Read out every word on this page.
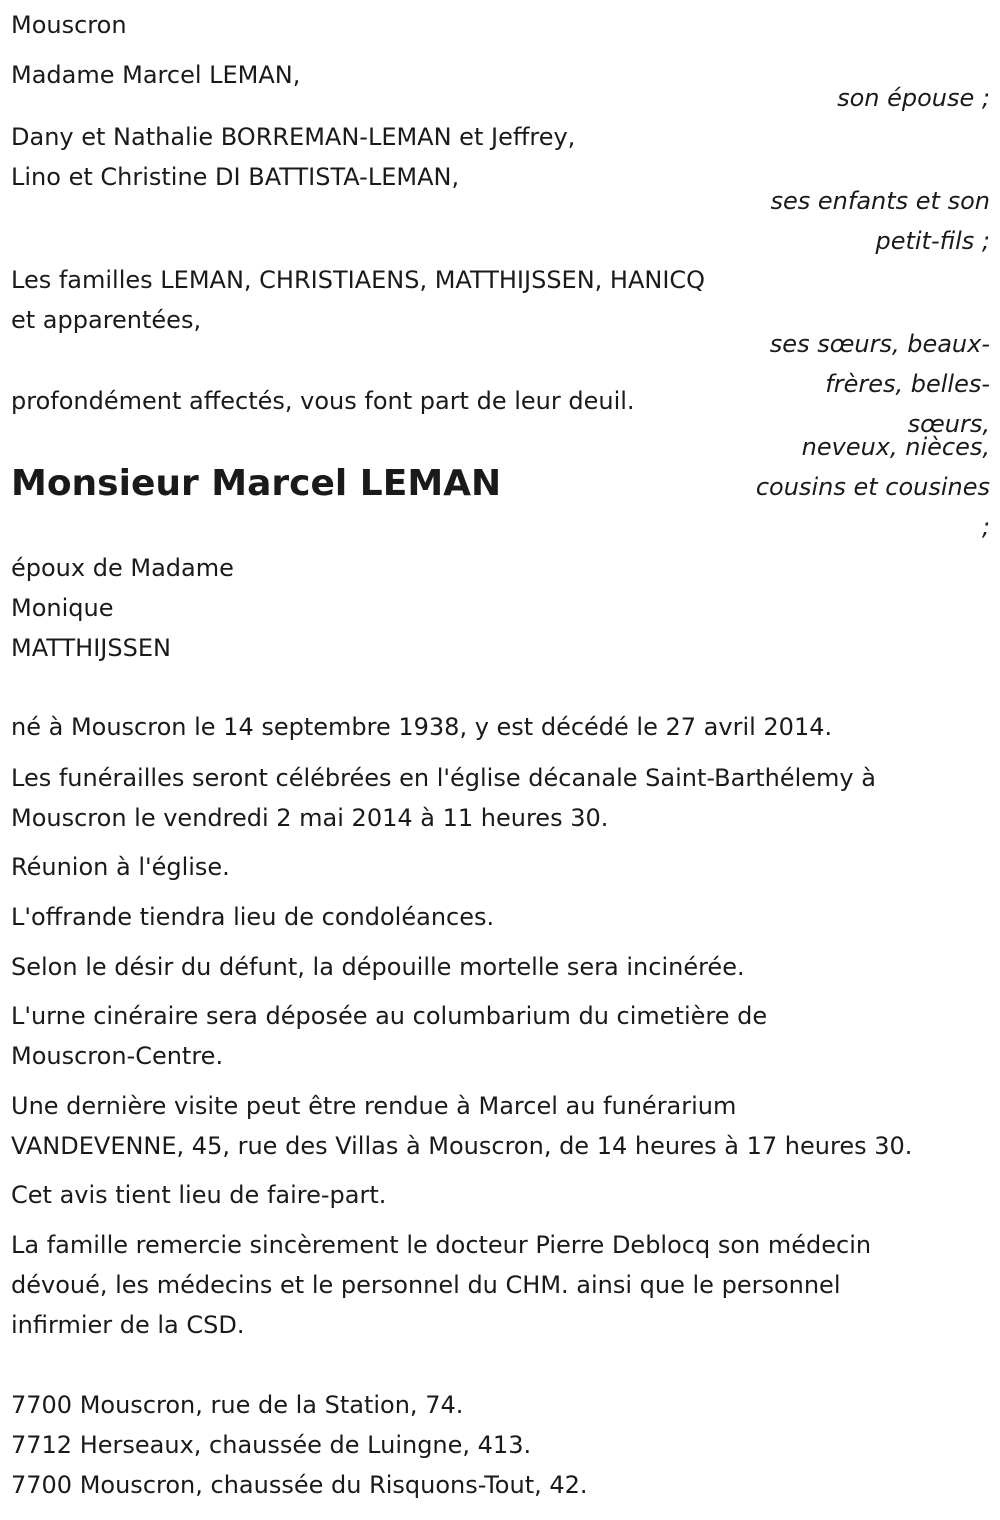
Mouscron

Madame Marcel LEMAN,

son épouse ;

Dany et Nathalie BORREMAN-LEMAN et Jeffrey,

Lino et Christine DI BATTISTA-LEMAN,

ses enfants et son

petit-fils ;

Les familles LEMAN, CHRISTIAENS, MATTHIJSSEN, HANICQ

et apparentées,

ses sœurs, beaux-

frères, belles-

sœurs,

neveux, nièces,

cousins et cousines

;

profondément affectés, vous font part de leur deuil.

Monsieur Marcel LEMAN

époux de Madame

Monique

MATTHIJSSEN

né à Mouscron le 14 septembre 1938, y est décédé le 27 avril 2014.

Les funérailles seront célébrées en l'église décanale Saint-Barthélemy à

Mouscron le vendredi 2 mai 2014 à 11 heures 30.

Réunion à l'église.

L'offrande tiendra lieu de condoléances.

Selon le désir du défunt, la dépouille mortelle sera incinérée.

L'urne cinéraire sera déposée au columbarium du cimetière de

Mouscron-Centre.

Une dernière visite peut être rendue à Marcel au funérarium

VANDEVENNE, 45, rue des Villas à Mouscron, de 14 heures à 17 heures 30.

Cet avis tient lieu de faire-part.

La famille remercie sincèrement le docteur Pierre Deblocq son médecin

dévoué, les médecins et le personnel du CHM. ainsi que le personnel

infirmier de la CSD.

7700 Mouscron, rue de la Station, 74.

7712 Herseaux, chaussée de Luingne, 413.

7700 Mouscron, chaussée du Risquons-Tout, 42.
